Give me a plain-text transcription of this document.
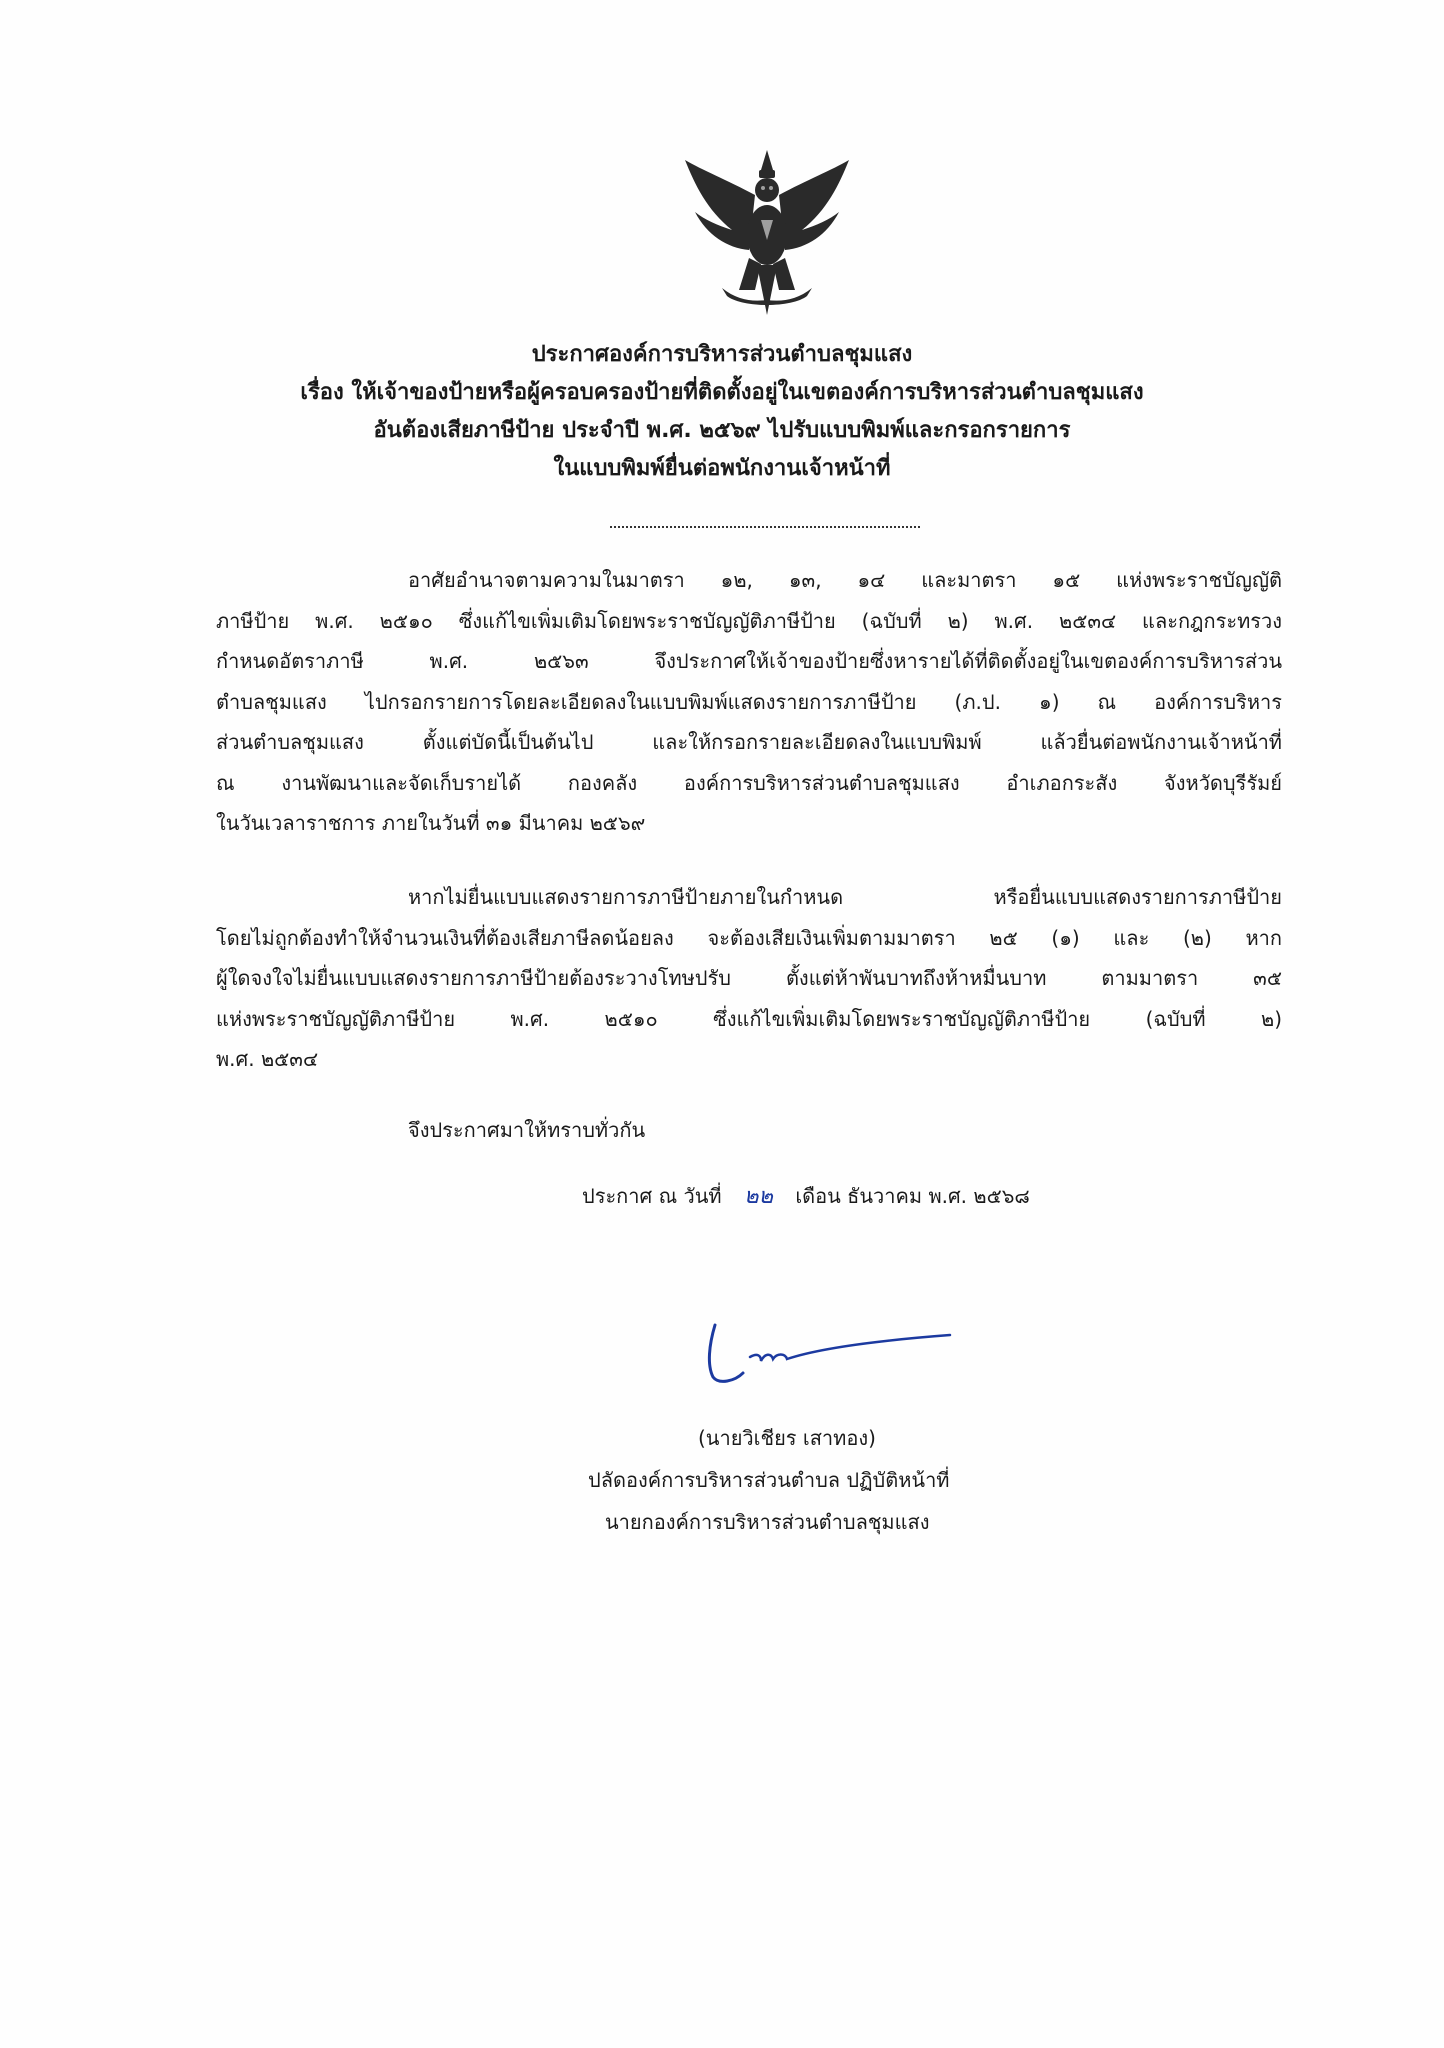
ประกาศองค์การบริหารส่วนตำบลชุมแสง
เรื่อง ให้เจ้าของป้ายหรือผู้ครอบครองป้ายที่ติดตั้งอยู่ในเขตองค์การบริหารส่วนตำบลชุมแสง
อันต้องเสียภาษีป้าย ประจำปี พ.ศ. ๒๕๖๙ ไปรับแบบพิมพ์และกรอกรายการ
ในแบบพิมพ์ยื่นต่อพนักงานเจ้าหน้าที่
อาศัยอำนาจตามความในมาตรา ๑๒, ๑๓, ๑๔ และมาตรา ๑๕ แห่งพระราชบัญญัติ
ภาษีป้าย พ.ศ. ๒๕๑๐ ซึ่งแก้ไขเพิ่มเติมโดยพระราชบัญญัติภาษีป้าย (ฉบับที่ ๒) พ.ศ. ๒๕๓๔ และกฎกระทรวง
กำหนดอัตราภาษี พ.ศ. ๒๕๖๓ จึงประกาศให้เจ้าของป้ายซึ่งหารายได้ที่ติดตั้งอยู่ในเขตองค์การบริหารส่วน
ตำบลชุมแสง ไปกรอกรายการโดยละเอียดลงในแบบพิมพ์แสดงรายการภาษีป้าย (ภ.ป. ๑) ณ องค์การบริหาร
ส่วนตำบลชุมแสง ตั้งแต่บัดนี้เป็นต้นไป และให้กรอกรายละเอียดลงในแบบพิมพ์ แล้วยื่นต่อพนักงานเจ้าหน้าที่
ณ งานพัฒนาและจัดเก็บรายได้ กองคลัง องค์การบริหารส่วนตำบลชุมแสง อำเภอกระสัง จังหวัดบุรีรัมย์
ในวันเวลาราชการ ภายในวันที่ ๓๑ มีนาคม ๒๕๖๙
หากไม่ยื่นแบบแสดงรายการภาษีป้ายภายในกำหนด หรือยื่นแบบแสดงรายการภาษีป้าย
โดยไม่ถูกต้องทำให้จำนวนเงินที่ต้องเสียภาษีลดน้อยลง จะต้องเสียเงินเพิ่มตามมาตรา ๒๕ (๑) และ (๒) หาก
ผู้ใดจงใจไม่ยื่นแบบแสดงรายการภาษีป้ายต้องระวางโทษปรับ ตั้งแต่ห้าพันบาทถึงห้าหมื่นบาท ตามมาตรา ๓๕
แห่งพระราชบัญญัติภาษีป้าย พ.ศ. ๒๕๑๐ ซึ่งแก้ไขเพิ่มเติมโดยพระราชบัญญัติภาษีป้าย (ฉบับที่ ๒)
พ.ศ. ๒๕๓๔
จึงประกาศมาให้ทราบทั่วกัน
ประกาศ ณ วันที่ ๒๒ เดือน ธันวาคม พ.ศ. ๒๕๖๘
(นายวิเชียร เสาทอง)
ปลัดองค์การบริหารส่วนตำบล ปฏิบัติหน้าที่
นายกองค์การบริหารส่วนตำบลชุมแสง
